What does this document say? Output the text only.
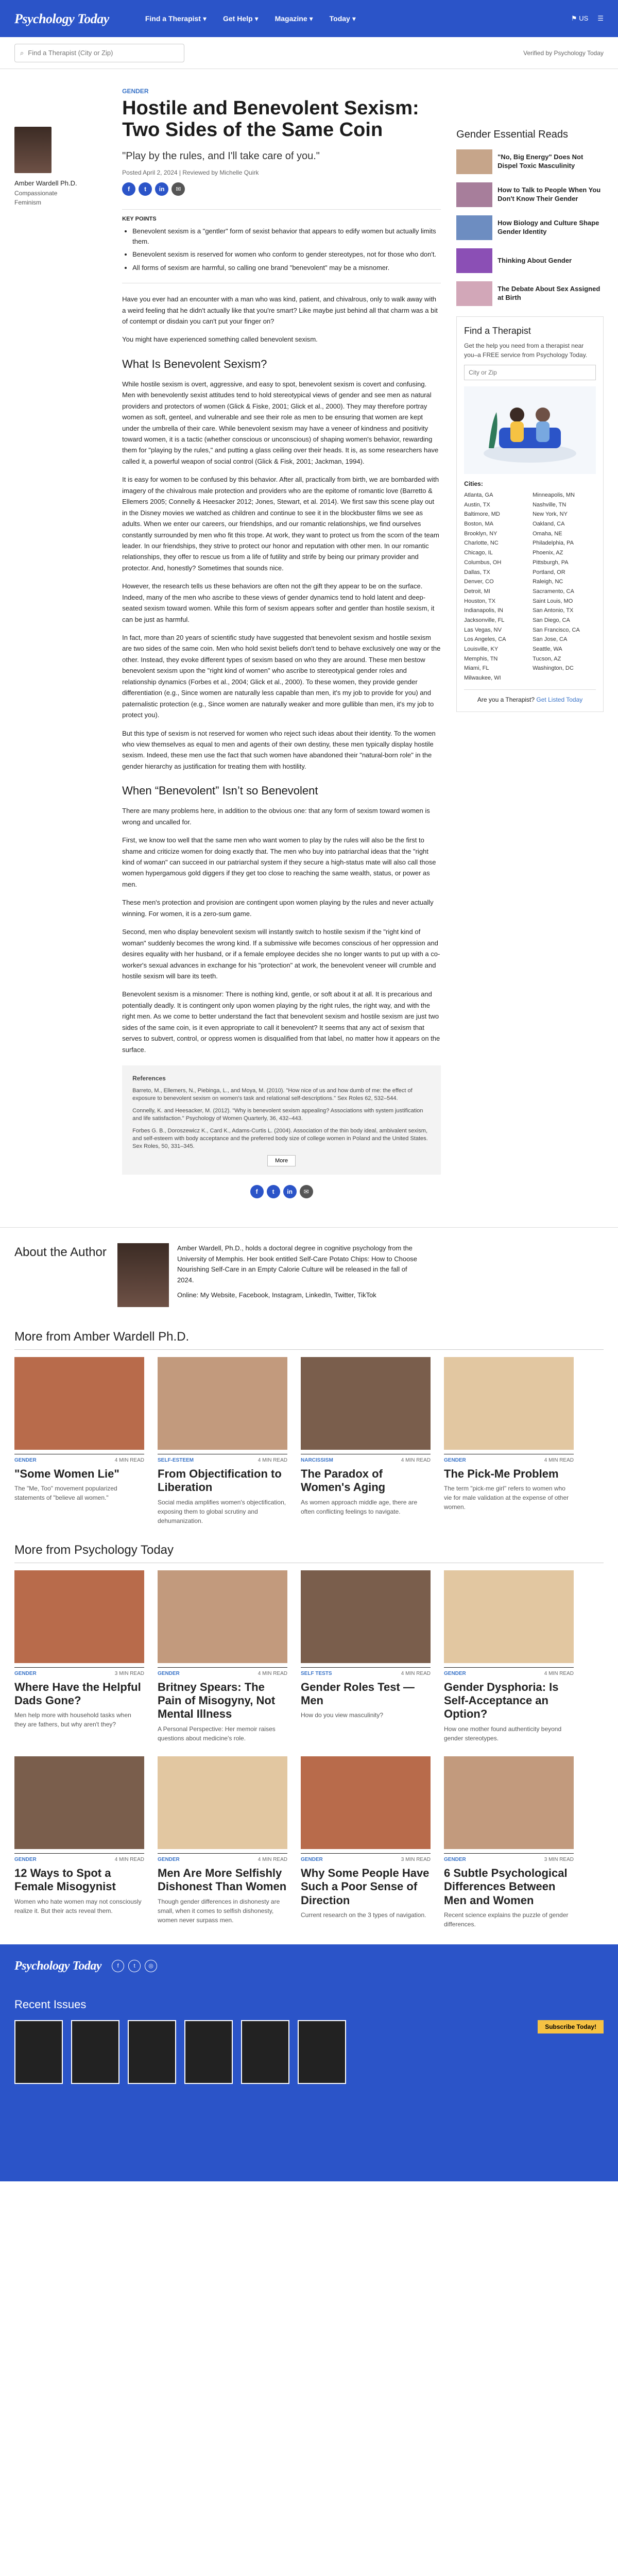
Psychology Today	Find a Therapist ▾ Get Help ▾ Magazine ▾ Today ▾	⚑ US ☰
⌕
Find a Therapist (City or Zip)	Verified by Psychology Today
Amber Wardell Ph.D.
Compassionate
Feminism
GENDER
Hostile and Benevolent Sexism: Two Sides of the Same Coin
"Play by the rules, and I'll take care of you."
Posted April 2, 2024 | Reviewed by Michelle Quirk
f	t	in	✉
KEY POINTS
• Benevolent sexism is a "gentler" form of sexist behavior that appears to edify women but actually limits them.
• Benevolent sexism is reserved for women who conform to gender stereotypes, not for those who don't.
• All forms of sexism are harmful, so calling one brand "benevolent" may be a misnomer.

Have you ever had an encounter with a man who was kind, patient, and chivalrous, only to walk away with a weird feeling that he didn't actually like that you're smart? Like maybe just behind all that charm was a bit of contempt or disdain you can't put your finger on?

You might have experienced something called benevolent sexism.

What Is Benevolent Sexism?

While hostile sexism is overt, aggressive, and easy to spot, benevolent sexism is covert and confusing. Men with benevolently sexist attitudes tend to hold stereotypical views of gender and see men as natural providers and protectors of women (Glick & Fiske, 2001; Glick et al., 2000). They may therefore portray women as soft, genteel, and vulnerable and see their role as men to be ensuring that women are kept under the umbrella of their care. While benevolent sexism may have a veneer of kindness and positivity toward women, it is a tactic (whether conscious or unconscious) of shaping women's behavior, rewarding them for "playing by the rules," and putting a glass ceiling over their heads. It is, as some researchers have called it, a powerful weapon of social control (Glick & Fisk, 2001; Jackman, 1994).

It is easy for women to be confused by this behavior. After all, practically from birth, we are bombarded with imagery of the chivalrous male protection and providers who are the epitome of romantic love (Barretto & Ellemers 2005; Connelly & Heesacker 2012; Jones, Stewart, et al. 2014). We first saw this scene play out in the Disney movies we watched as children and continue to see it in the blockbuster films we see as adults. When we enter our careers, our friendships, and our romantic relationships, we find ourselves constantly surrounded by men who fit this trope. At work, they want to protect us from the scorn of the team leader. In our friendships, they strive to protect our honor and reputation with other men. In our romantic relationships, they offer to rescue us from a life of futility and strife by being our primary provider and protector. And, honestly? Sometimes that sounds nice.

However, the research tells us these behaviors are often not the gift they appear to be on the surface. Indeed, many of the men who ascribe to these views of gender dynamics tend to hold latent and deep-seated sexism toward women. While this form of sexism appears softer and gentler than hostile sexism, it can be just as harmful.

In fact, more than 20 years of scientific study have suggested that benevolent sexism and hostile sexism are two sides of the same coin. Men who hold sexist beliefs don't tend to behave exclusively one way or the other. Instead, they evoke different types of sexism based on who they are around. These men bestow benevolent sexism upon the "right kind of women" who ascribe to stereotypical gender roles and relationship dynamics (Forbes et al., 2004; Glick et al., 2000). To these women, they provide gender differentiation (e.g., Since women are naturally less capable than men, it's my job to provide for you) and paternalistic protection (e.g., Since women are naturally weaker and more gullible than men, it's my job to protect you).

But this type of sexism is not reserved for women who reject such ideas about their identity. To the women who view themselves as equal to men and agents of their own destiny, these men typically display hostile sexism. Indeed, these men use the fact that such women have abandoned their "natural-born role" in the gender hierarchy as justification for treating them with hostility.

When “Benevolent” Isn’t so Benevolent

There are many problems here, in addition to the obvious one: that any form of sexism toward women is wrong and uncalled for.

First, we know too well that the same men who want women to play by the rules will also be the first to shame and criticize women for doing exactly that. The men who buy into patriarchal ideas that the "right kind of woman" can succeed in our patriarchal system if they secure a high-status mate will also call those women hypergamous gold diggers if they get too close to reaching the same wealth, status, or power as men.

These men's protection and provision are contingent upon women playing by the rules and never actually winning. For women, it is a zero-sum game.

Second, men who display benevolent sexism will instantly switch to hostile sexism if the "right kind of woman" suddenly becomes the wrong kind. If a submissive wife becomes conscious of her oppression and desires equality with her husband, or if a female employee decides she no longer wants to put up with a co-worker's sexual advances in exchange for his "protection" at work, the benevolent veneer will crumble and hostile sexism will bare its teeth.

Benevolent sexism is a misnomer: There is nothing kind, gentle, or soft about it at all. It is precarious and potentially deadly. It is contingent only upon women playing by the right rules, the right way, and with the right men. As we come to better understand the fact that benevolent sexism and hostile sexism are just two sides of the same coin, is it even appropriate to call it benevolent? It seems that any act of sexism that serves to subvert, control, or oppress women is disqualified from that label, no matter how it appears on the surface.

References

Barreto, M., Ellemers, N., Piebinga, L., and Moya, M. (2010). "How nice of us and how dumb of me: the effect of exposure to benevolent sexism on women's task and relational self-descriptions." Sex Roles 62, 532–544.

Connelly, K. and Heesacker, M. (2012). "Why is benevolent sexism appealing? Associations with system justification and life satisfaction." Psychology of Women Quarterly, 36, 432–443.

Forbes G. B., Doroszewicz K., Card K., Adams-Curtis L. (2004). Association of the thin body ideal, ambivalent sexism, and self-esteem with body acceptance and the preferred body size of college women in Poland and the United States. Sex Roles, 50, 331–345.

More
f	t	in	✉
Gender Essential Reads
"No, Big Energy" Does Not Dispel Toxic Masculinity
How to Talk to People When You Don't Know Their Gender
How Biology and Culture Shape Gender Identity
Thinking About Gender
The Debate About Sex Assigned at Birth
Find a Therapist
Get the help you need from a therapist near you–a FREE service from Psychology Today.
City or Zip
Cities:
Atlanta, GA	Minneapolis, MN
Austin, TX	Nashville, TN
Baltimore, MD	New York, NY
Boston, MA	Oakland, CA
Brooklyn, NY	Omaha, NE
Charlotte, NC	Philadelphia, PA
Chicago, IL	Phoenix, AZ
Columbus, OH	Pittsburgh, PA
Dallas, TX	Portland, OR
Denver, CO	Raleigh, NC
Detroit, MI	Sacramento, CA
Houston, TX	Saint Louis, MO
Indianapolis, IN	San Antonio, TX
Jacksonville, FL	San Diego, CA
Las Vegas, NV	San Francisco, CA
Los Angeles, CA	San Jose, CA
Louisville, KY	Seattle, WA
Memphis, TN	Tucson, AZ
Miami, FL	Washington, DC
Milwaukee, WI
Are you a Therapist? Get Listed Today
About the Author	Amber Wardell, Ph.D., holds a doctoral degree in cognitive psychology from the University of Memphis. Her book entitled Self-Care Potato Chips: How to Choose Nourishing Self-Care in an Empty Calorie Culture will be released in the fall of 2024.

Online: My Website, Facebook, Instagram, LinkedIn, Twitter, TikTok

More from Amber Wardell Ph.D.
GENDER	4 MIN READ
"Some Women Lie"
The "Me, Too" movement popularized statements of "believe all women."
SELF-ESTEEM	4 MIN READ
From Objectification to Liberation
Social media amplifies women's objectification, exposing them to global scrutiny and dehumanization.
NARCISSISM	4 MIN READ
The Paradox of Women's Aging
As women approach middle age, there are often conflicting feelings to navigate.
GENDER	4 MIN READ
The Pick-Me Problem
The term "pick-me girl" refers to women who vie for male validation at the expense of other women.
More from Psychology Today
GENDER	3 MIN READ
Where Have the Helpful Dads Gone?
Men help more with household tasks when they are fathers, but why aren't they?
GENDER	4 MIN READ
Britney Spears: The Pain of Misogyny, Not Mental Illness
A Personal Perspective: Her memoir raises questions about medicine's role.
SELF TESTS	4 MIN READ
Gender Roles Test — Men
How do you view masculinity?
GENDER	4 MIN READ
Gender Dysphoria: Is Self-Acceptance an Option?
How one mother found authenticity beyond gender stereotypes.
GENDER	4 MIN READ
12 Ways to Spot a Female Misogynist
Women who hate women may not consciously realize it. But their acts reveal them.
GENDER	4 MIN READ
Men Are More Selfishly Dishonest Than Women
Though gender differences in dishonesty are small, when it comes to selfish dishonesty, women never surpass men.
GENDER	3 MIN READ
Why Some People Have Such a Poor Sense of Direction
Current research on the 3 types of navigation.
GENDER	3 MIN READ
6 Subtle Psychological Differences Between Men and Women
Recent science explains the puzzle of gender differences.
Psychology Today	f	t	◎
Recent Issues
Subscribe Today!
